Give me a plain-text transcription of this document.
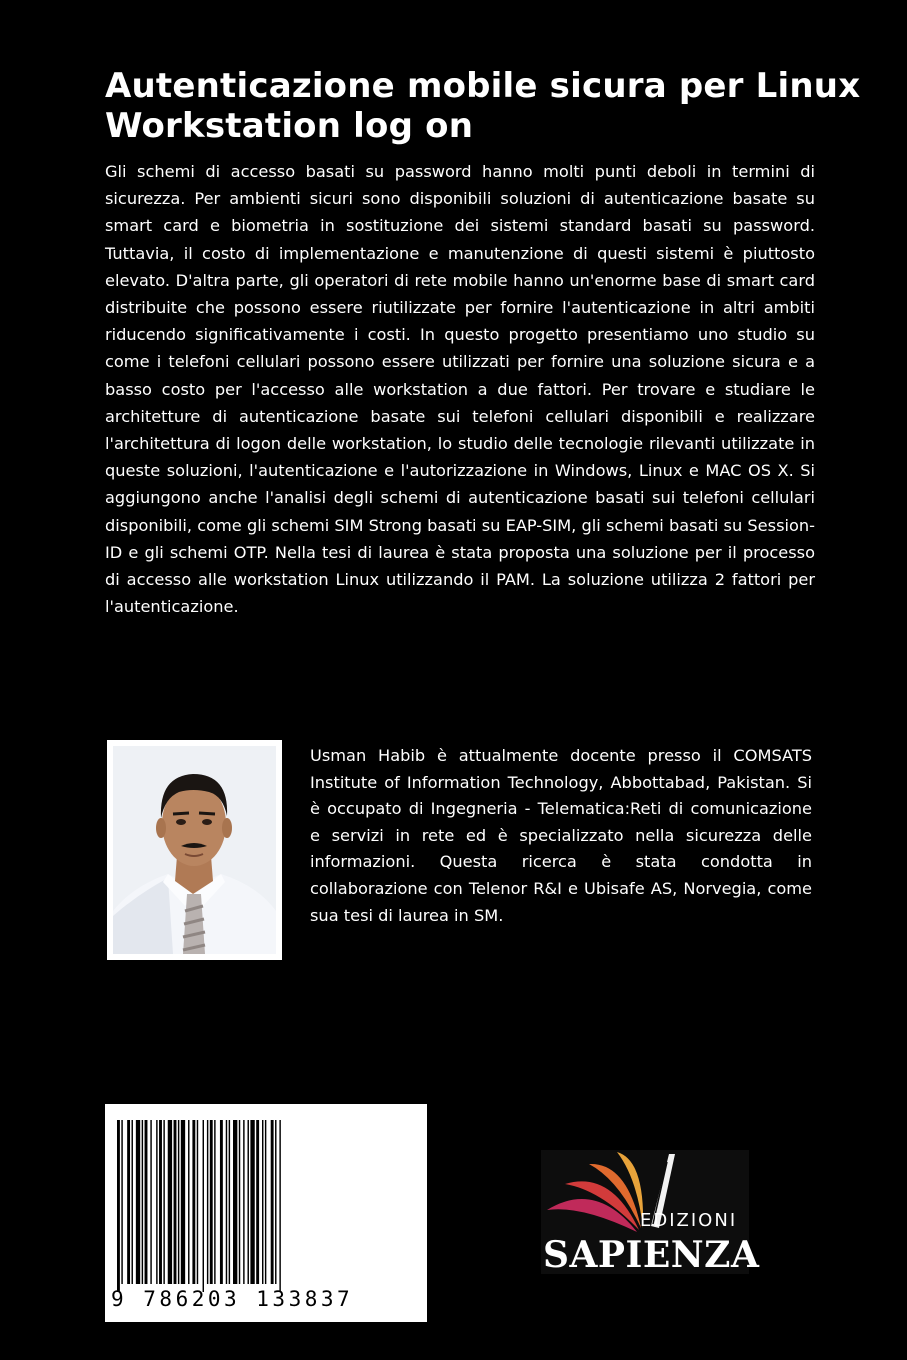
Autenticazione mobile sicura per Linux Workstation log on

Gli schemi di accesso basati su password hanno molti punti deboli in termini di sicurezza. Per ambienti sicuri sono disponibili soluzioni di autenticazione basate su smart card e biometria in sostituzione dei sistemi standard basati su password. Tuttavia, il costo di implementazione e manutenzione di questi sistemi è piuttosto elevato. D'altra parte, gli operatori di rete mobile hanno un'enorme base di smart card distribuite che possono essere riutilizzate per fornire l'autenticazione in altri ambiti riducendo significativamente i costi. In questo progetto presentiamo uno studio su come i telefoni cellulari possono essere utilizzati per fornire una soluzione sicura e a basso costo per l'accesso alle workstation a due fattori. Per trovare e studiare le architetture di autenticazione basate sui telefoni cellulari disponibili e realizzare l'architettura di logon delle workstation, lo studio delle tecnologie rilevanti utilizzate in queste soluzioni, l'autenticazione e l'autorizzazione in Windows, Linux e MAC OS X. Si aggiungono anche l'analisi degli schemi di autenticazione basati sui telefoni cellulari disponibili, come gli schemi SIM Strong basati su EAP-SIM, gli schemi basati su Session-ID e gli schemi OTP. Nella tesi di laurea è stata proposta una soluzione per il processo di accesso alle workstation Linux utilizzando il PAM. La soluzione utilizza 2 fattori per l'autenticazione.

Usman Habib è attualmente docente presso il COMSATS Institute of Information Technology, Abbottabad, Pakistan. Si è occupato di Ingegneria - Telematica:Reti di comunicazione e servizi in rete ed è specializzato nella sicurezza delle informazioni. Questa ricerca è stata condotta in collaborazione con Telenor R&I e Ubisafe AS, Norvegia, come sua tesi di laurea in SM.

9 786203 133837
EDIZIONI
SAPIENZA
